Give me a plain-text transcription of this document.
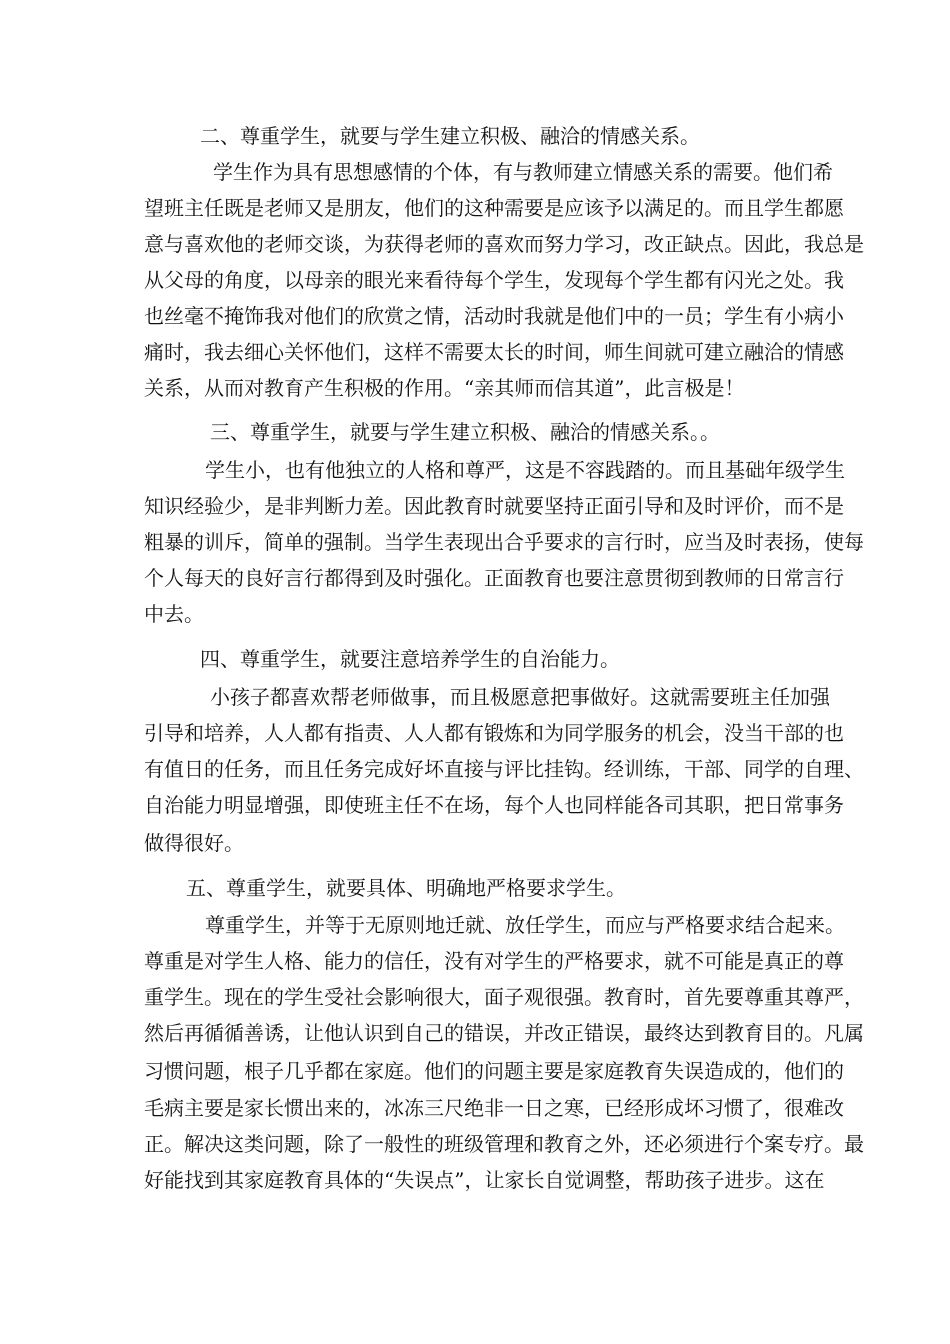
二、尊重学生，就要与学生建立积极、融洽的情感关系。
学生作为具有思想感情的个体，有与教师建立情感关系的需要。他们希
望班主任既是老师又是朋友，他们的这种需要是应该予以满足的。而且学生都愿
意与喜欢他的老师交谈，为获得老师的喜欢而努力学习，改正缺点。因此，我总是
从父母的角度，以母亲的眼光来看待每个学生，发现每个学生都有闪光之处。我
也丝毫不掩饰我对他们的欣赏之情，活动时我就是他们中的一员；学生有小病小
痛时，我去细心关怀他们，这样不需要太长的时间，师生间就可建立融洽的情感
关系，从而对教育产生积极的作用。“亲其师而信其道”，此言极是！
三、尊重学生，就要与学生建立积极、融洽的情感关系。。
学生小，也有他独立的人格和尊严，这是不容践踏的。而且基础年级学生
知识经验少，是非判断力差。因此教育时就要坚持正面引导和及时评价，而不是
粗暴的训斥，简单的强制。当学生表现出合乎要求的言行时，应当及时表扬，使每
个人每天的良好言行都得到及时强化。正面教育也要注意贯彻到教师的日常言行
中去。
四、尊重学生，就要注意培养学生的自治能力。
小孩子都喜欢帮老师做事，而且极愿意把事做好。这就需要班主任加强
引导和培养，人人都有指责、人人都有锻炼和为同学服务的机会，没当干部的也
有值日的任务，而且任务完成好坏直接与评比挂钩。经训练，干部、同学的自理、
自治能力明显增强，即使班主任不在场，每个人也同样能各司其职，把日常事务
做得很好。
五、尊重学生，就要具体、明确地严格要求学生。
尊重学生，并等于无原则地迁就、放任学生，而应与严格要求结合起来。
尊重是对学生人格、能力的信任，没有对学生的严格要求，就不可能是真正的尊
重学生。现在的学生受社会影响很大，面子观很强。教育时，首先要尊重其尊严，
然后再循循善诱，让他认识到自己的错误，并改正错误，最终达到教育目的。凡属
习惯问题，根子几乎都在家庭。他们的问题主要是家庭教育失误造成的，他们的
毛病主要是家长惯出来的，冰冻三尺绝非一日之寒，已经形成坏习惯了，很难改
正。解决这类问题，除了一般性的班级管理和教育之外，还必须进行个案专疗。最
好能找到其家庭教育具体的“失误点”，让家长自觉调整，帮助孩子进步。这在
